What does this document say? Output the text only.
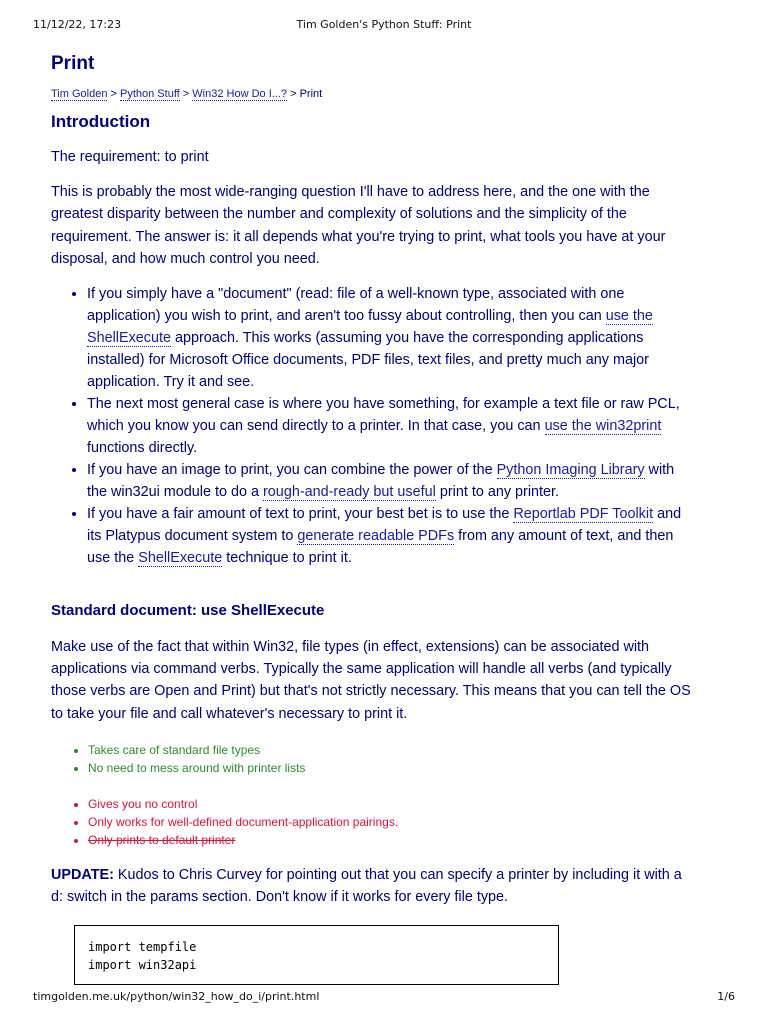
11/12/22, 17:23	Tim Golden's Python Stuff: Print
Print
Tim Golden > Python Stuff > Win32 How Do I...? > Print
Introduction

The requirement: to print

This is probably the most wide-ranging question I'll have to address here, and the one with the greatest disparity between the number and complexity of solutions and the simplicity of the requirement. The answer is: it all depends what you're trying to print, what tools you have at your disposal, and how much control you need.

• If you simply have a "document" (read: file of a well-known type, associated with one application) you wish to print, and aren't too fussy about controlling, then you can use the ShellExecute approach. This works (assuming you have the corresponding applications installed) for Microsoft Office documents, PDF files, text files, and pretty much any major application. Try it and see.
• The next most general case is where you have something, for example a text file or raw PCL, which you know you can send directly to a printer. In that case, you can use the win32print functions directly.
• If you have an image to print, you can combine the power of the Python Imaging Library with the win32ui module to do a rough-and-ready but useful print to any printer.
• If you have a fair amount of text to print, your best bet is to use the Reportlab PDF Toolkit and its Platypus document system to generate readable PDFs from any amount of text, and then use the ShellExecute technique to print it.
Standard document: use ShellExecute

Make use of the fact that within Win32, file types (in effect, extensions) can be associated with applications via command verbs. Typically the same application will handle all verbs (and typically those verbs are Open and Print) but that's not strictly necessary. This means that you can tell the OS to take your file and call whatever's necessary to print it.

• Takes care of standard file types
• No need to mess around with printer lists
• Gives you no control
• Only works for well-defined document-application pairings.
• Only prints to default printer

UPDATE: Kudos to Chris Curvey for pointing out that you can specify a printer by including it with a d: switch in the params section. Don't know if it works for every file type.

import tempfile
import win32api
timgolden.me.uk/python/win32_how_do_i/print.html	1/6
